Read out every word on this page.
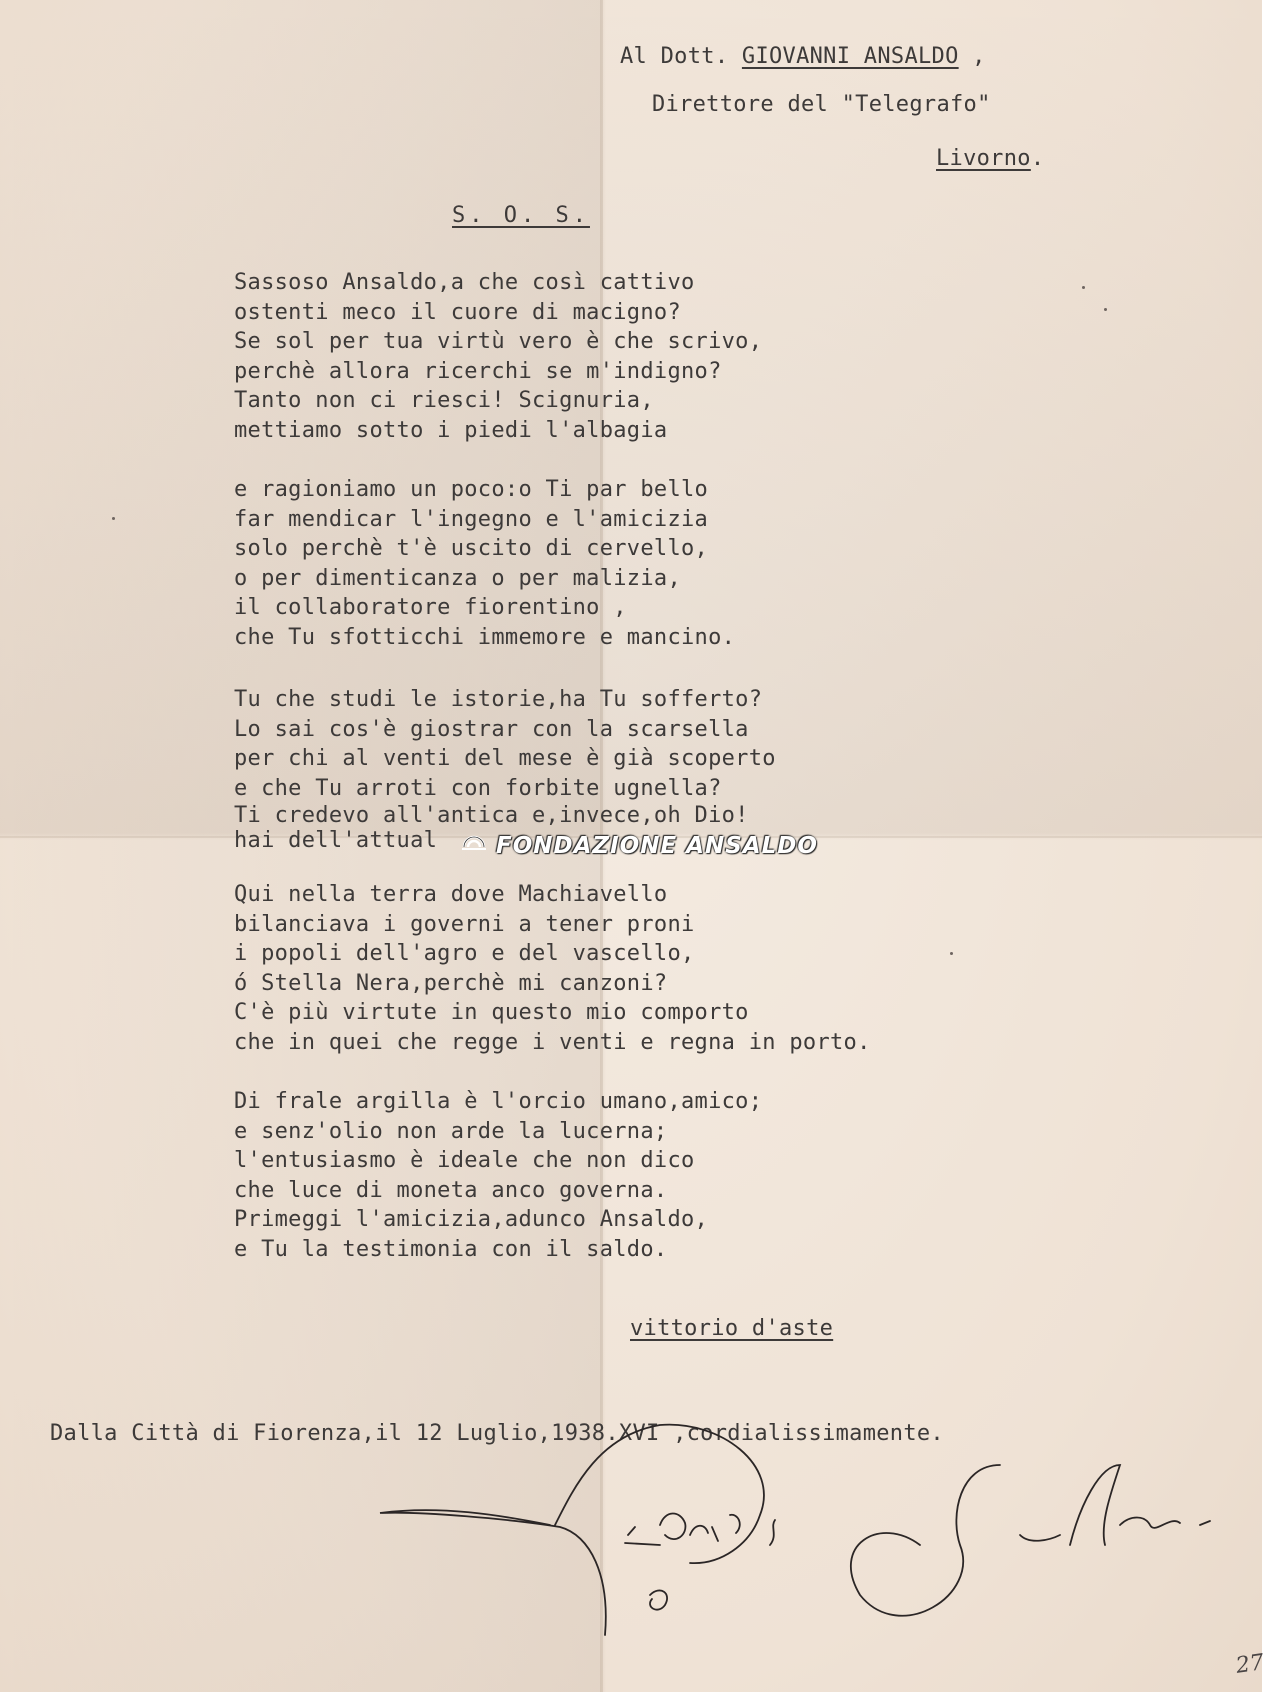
Al Dott. GIOVANNI ANSALDO ,
Direttore del "Telegrafo"
Livorno.
S. O. S.
Sassoso Ansaldo,a che così cattivo
ostenti meco il cuore di macigno?
Se sol per tua virtù vero è che scrivo,
perchè allora ricerchi se m'indigno?
Tanto non ci riesci! Scignuria,
mettiamo sotto i piedi l'albagia
e ragioniamo un poco:o Ti par bello
far mendicar l'ingegno e l'amicizia
solo perchè t'è uscito di cervello,
o per dimenticanza o per malizia,
il collaboratore fiorentino ,
che Tu sfotticchi immemore e mancino.
Tu che studi le istorie,ha Tu sofferto?
Lo sai cos'è giostrar con la scarsella
per chi al venti del mese è già scoperto
e che Tu arroti con forbite ugnella?
Ti credevo all'antica e,invece,oh Dio!
hai dell'attual
Qui nella terra dove Machiavello
bilanciava i governi a tener proni
i popoli dell'agro e del vascello,
ó Stella Nera,perchè mi canzoni?
C'è più virtute in questo mio comporto
che in quei che regge i venti e regna in porto.
Di frale argilla è l'orcio umano,amico;
e senz'olio non arde la lucerna;
l'entusiasmo è ideale che non dico
che luce di moneta anco governa.
Primeggi l'amicizia,adunco Ansaldo,
e Tu la testimonia con il saldo.
vittorio d'aste
Dalla Città di Fiorenza,il 12 Luglio,1938.XVI ,cordialissimamente.
FONDAZIONE ANSALDO
27
